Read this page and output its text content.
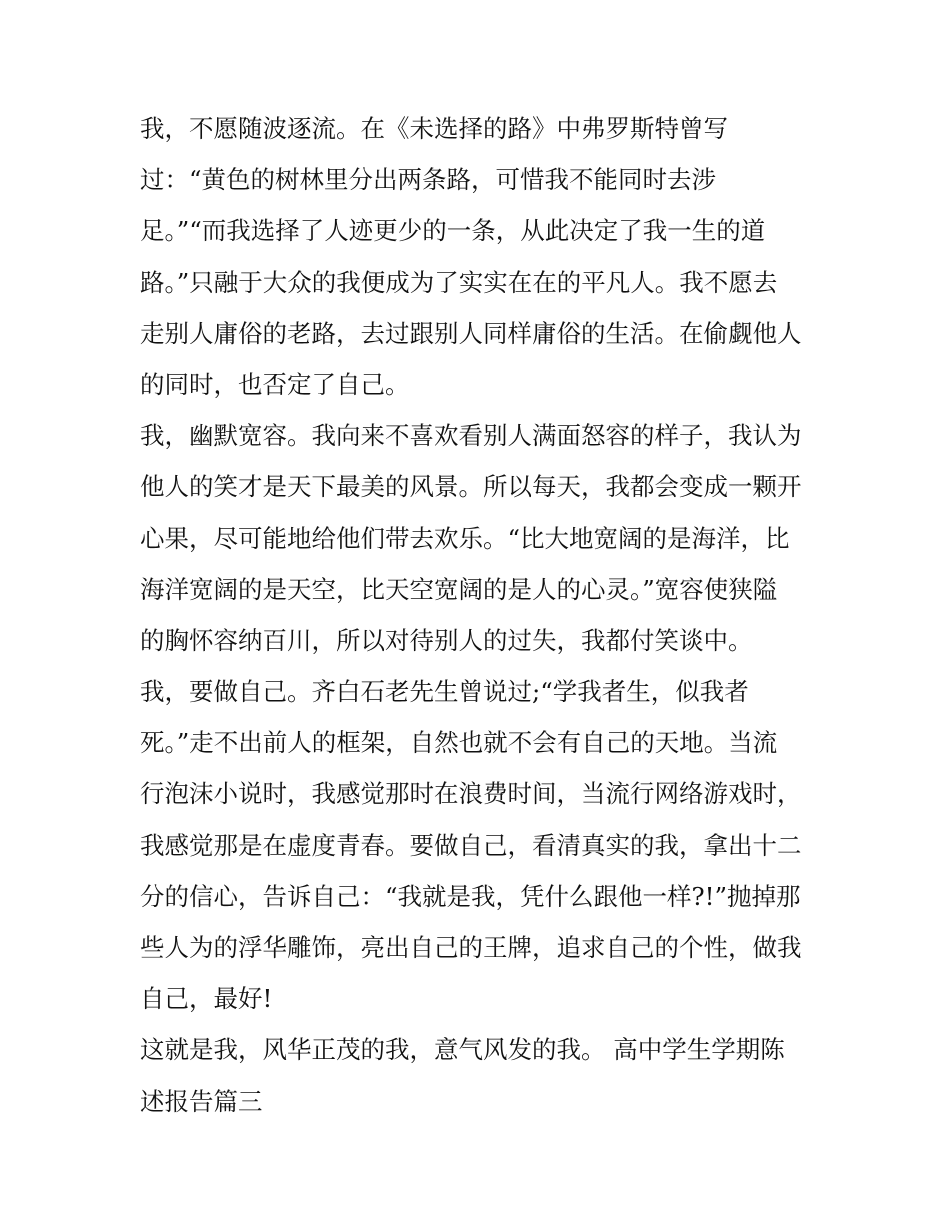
我，不愿随波逐流。在《未选择的路》中弗罗斯特曾写
过：“黄色的树林里分出两条路，可惜我不能同时去涉
足。”“而我选择了人迹更少的一条，从此决定了我一生的道
路。”只融于大众的我便成为了实实在在的平凡人。我不愿去
走别人庸俗的老路，去过跟别人同样庸俗的生活。在偷觑他人
的同时，也否定了自己。
我，幽默宽容。我向来不喜欢看别人满面怒容的样子，我认为
他人的笑才是天下最美的风景。所以每天，我都会变成一颗开
心果，尽可能地给他们带去欢乐。“比大地宽阔的是海洋，比
海洋宽阔的是天空，比天空宽阔的是人的心灵。”宽容使狭隘
的胸怀容纳百川，所以对待别人的过失，我都付笑谈中。
我，要做自己。齐白石老先生曾说过;“学我者生，似我者
死。”走不出前人的框架，自然也就不会有自己的天地。当流
行泡沫小说时，我感觉那时在浪费时间，当流行网络游戏时，
我感觉那是在虚度青春。要做自己，看清真实的我，拿出十二
分的信心，告诉自己：“我就是我，凭什么跟他一样?!”抛掉那
些人为的浮华雕饰，亮出自己的王牌，追求自己的个性，做我
自己，最好!
这就是我，风华正茂的我，意气风发的我。 高中学生学期陈
述报告篇三
